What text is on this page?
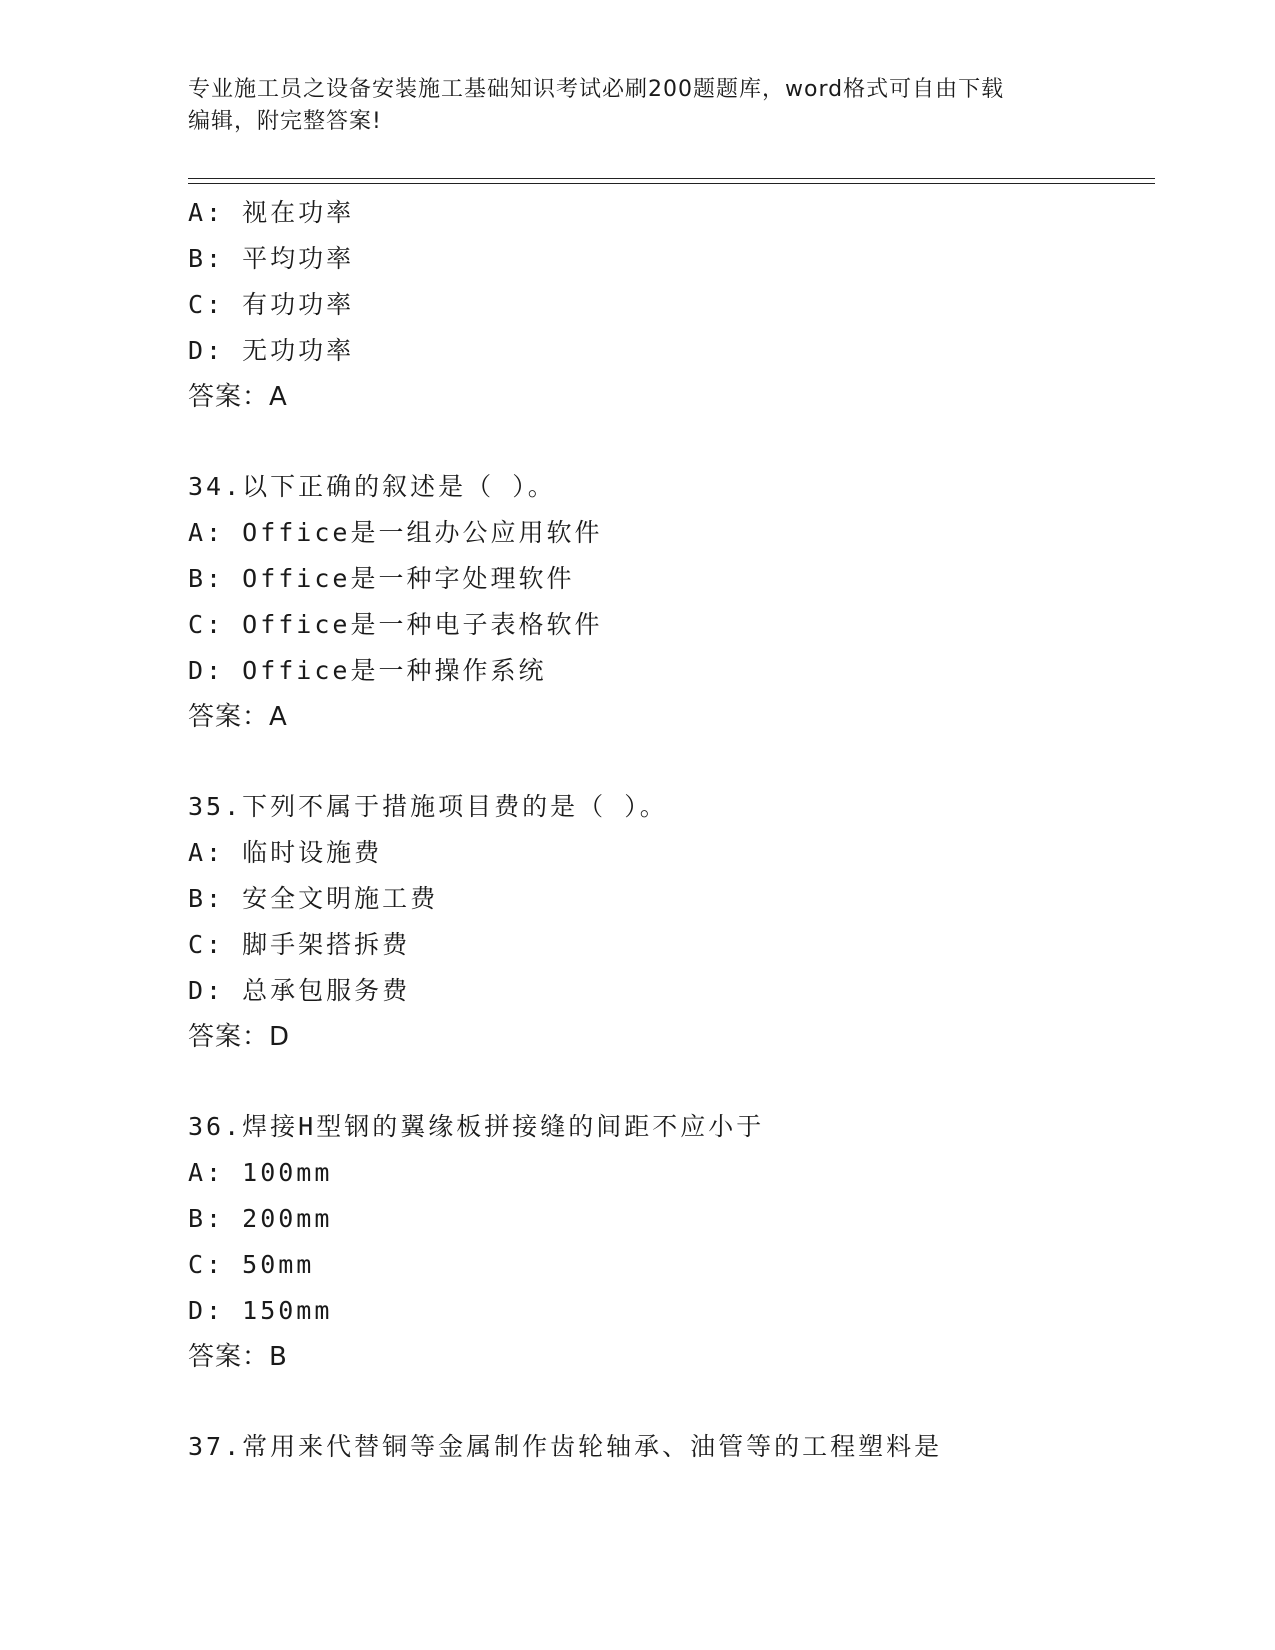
专业施工员之设备安装施工基础知识考试必刷200题题库，word格式可自由下载
编辑，附完整答案!
A: 视在功率
B: 平均功率
C: 有功功率
D: 无功功率
答案：A
34.以下正确的叙述是（ ）。
A: Office是一组办公应用软件
B: Office是一种字处理软件
C: Office是一种电子表格软件
D: Office是一种操作系统
答案：A
35.下列不属于措施项目费的是（ ）。
A: 临时设施费
B: 安全文明施工费
C: 脚手架搭拆费
D: 总承包服务费
答案：D
36.焊接H型钢的翼缘板拼接缝的间距不应小于
A: 100mm
B: 200mm
C: 50mm
D: 150mm
答案：B
37.常用来代替铜等金属制作齿轮轴承、油管等的工程塑料是
